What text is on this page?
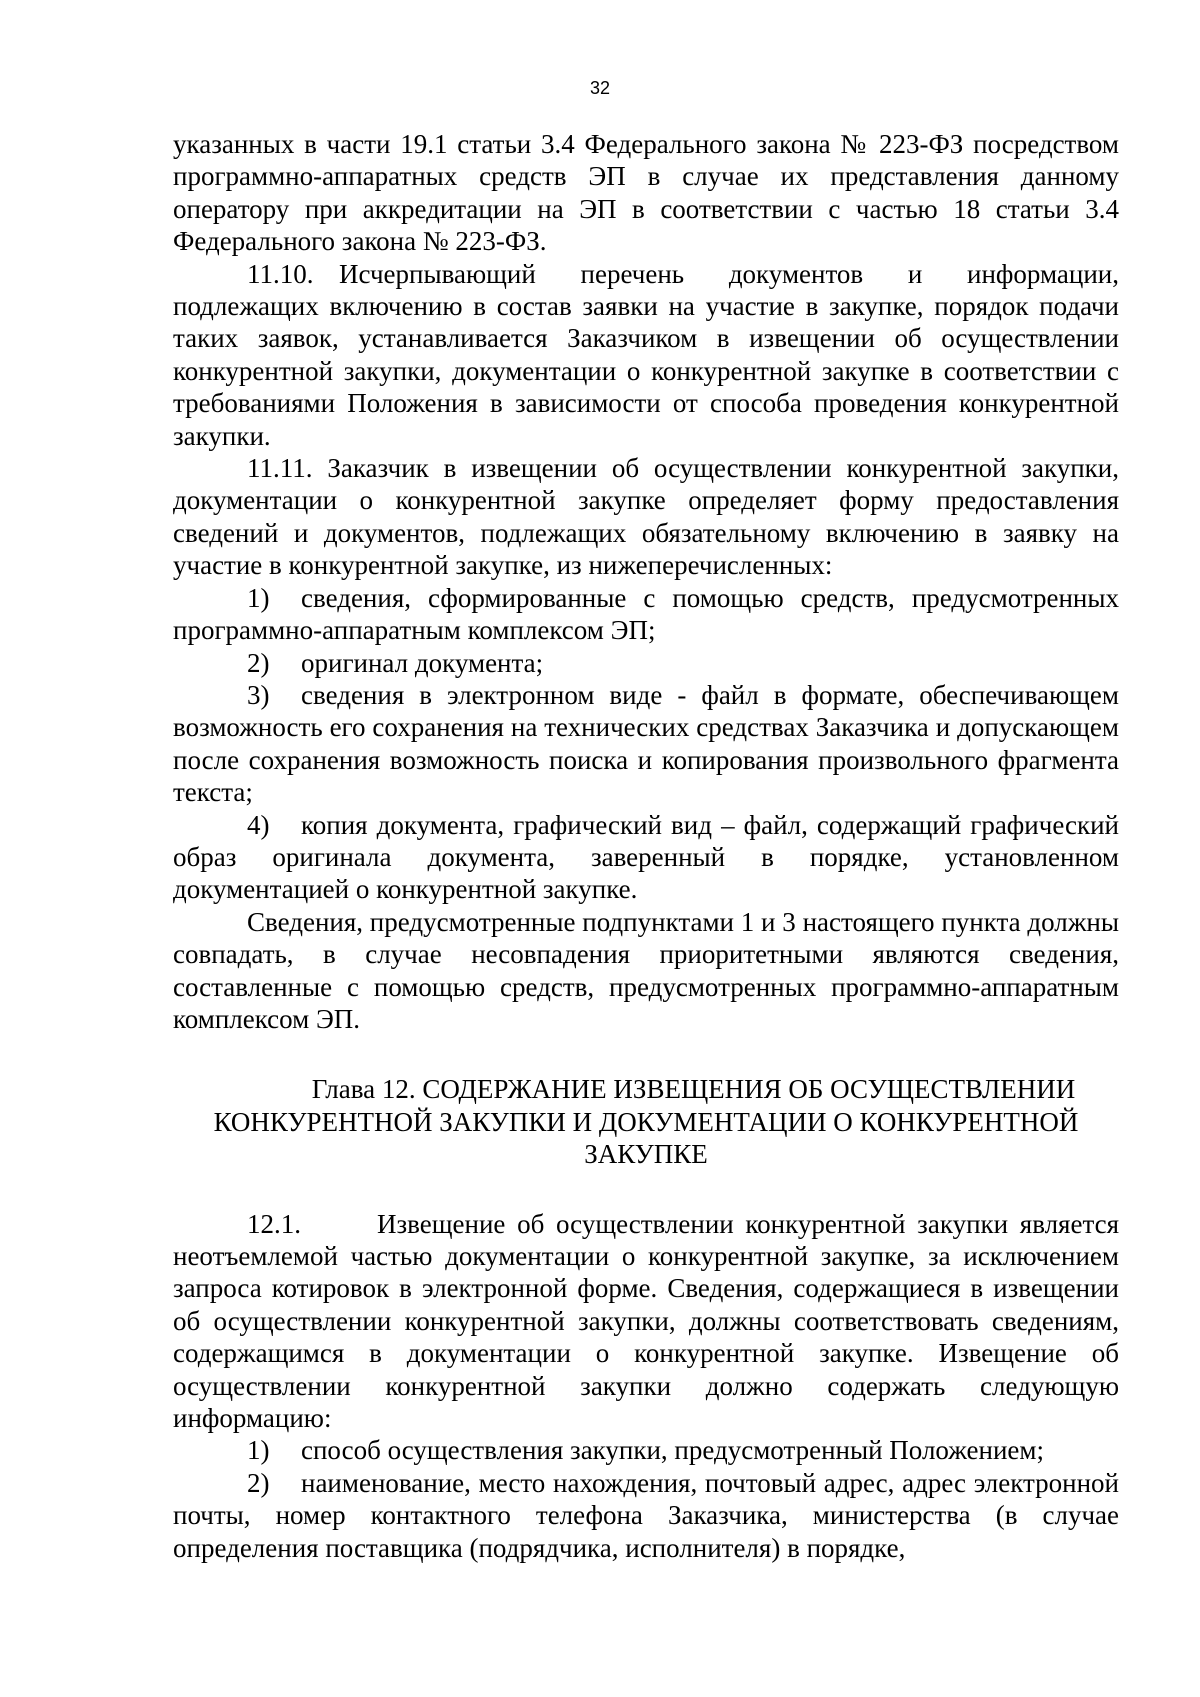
32

указанных в части 19.1 статьи 3.4 Федерального закона № 223-ФЗ посредством программно-аппаратных средств ЭП в случае их представления данному оператору при аккредитации на ЭП в соответствии с частью 18 статьи 3.4 Федерального закона № 223-ФЗ.

11.10. Исчерпывающий перечень документов и информации, подлежащих включению в состав заявки на участие в закупке, порядок подачи таких заявок, устанавливается Заказчиком в извещении об осуществлении конкурентной закупки, документации о конкурентной закупке в соответствии с требованиями Положения в зависимости от способа проведения конкурентной закупки.

11.11. Заказчик в извещении об осуществлении конкурентной закупки, документации о конкурентной закупке определяет форму предоставления сведений и документов, подлежащих обязательному включению в заявку на участие в конкурентной закупке, из нижеперечисленных:

1) сведения, сформированные с помощью средств, предусмотренных программно-аппаратным комплексом ЭП;

2) оригинал документа;

3) сведения в электронном виде - файл в формате, обеспечивающем возможность его сохранения на технических средствах Заказчика и допускающем после сохранения возможность поиска и копирования произвольного фрагмента текста;

4) копия документа, графический вид – файл, содержащий графический образ оригинала документа, заверенный в порядке, установленном документацией о конкурентной закупке.

Сведения, предусмотренные подпунктами 1 и 3 настоящего пункта должны совпадать, в случае несовпадения приоритетными являются сведения, составленные с помощью средств, предусмотренных программно-аппаратным комплексом ЭП.

Глава 12. СОДЕРЖАНИЕ ИЗВЕЩЕНИЯ ОБ ОСУЩЕСТВЛЕНИИ
КОНКУРЕНТНОЙ ЗАКУПКИ И ДОКУМЕНТАЦИИ О КОНКУРЕНТНОЙ ЗАКУПКЕ

12.1.	Извещение об осуществлении конкурентной закупки является неотъемлемой частью документации о конкурентной закупке, за исключением запроса котировок в электронной форме. Сведения, содержащиеся в извещении об осуществлении конкурентной закупки, должны соответствовать сведениям, содержащимся в документации о конкурентной закупке. Извещение об осуществлении конкурентной закупки должно содержать следующую информацию:

1) способ осуществления закупки, предусмотренный Положением;

2) наименование, место нахождения, почтовый адрес, адрес электронной почты, номер контактного телефона Заказчика, министерства (в случае определения поставщика (подрядчика, исполнителя) в порядке,
